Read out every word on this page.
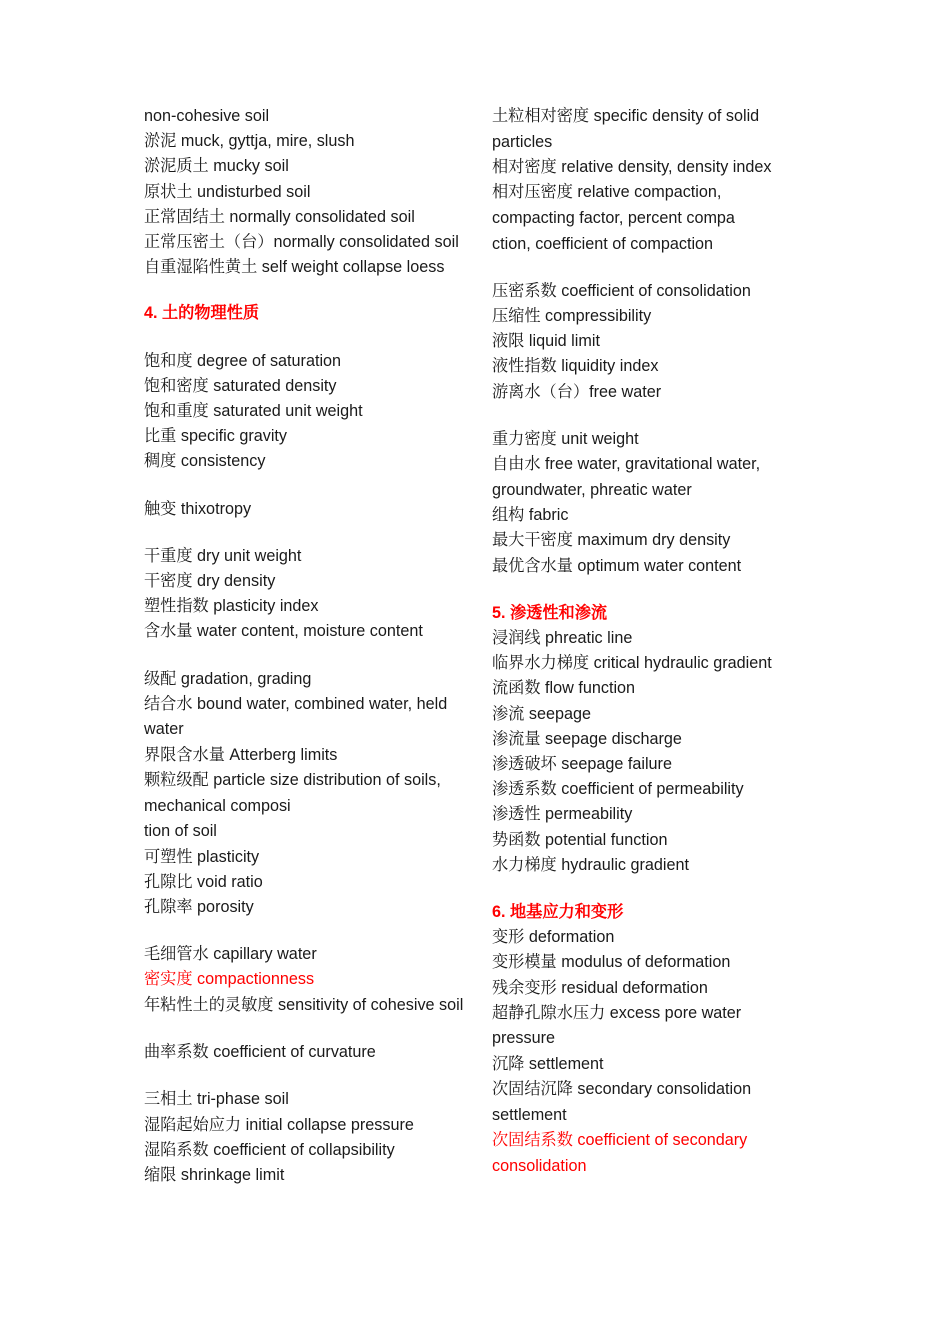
non-cohesive soil
淤泥 muck, gyttja, mire, slush
淤泥质土 mucky soil
原状土 undisturbed soil
正常固结土 normally consolidated soil
正常压密土（台）normally consolidated soil
自重湿陷性黄土 self weight collapse loess
4. 土的物理性质
饱和度 degree of saturation
饱和密度 saturated density
饱和重度 saturated unit weight
比重 specific gravity
稠度 consistency
触变 thixotropy
干重度 dry unit weight
干密度 dry density
塑性指数 plasticity index
含水量 water content, moisture content
级配 gradation, grading
结合水 bound water, combined water, held water
界限含水量 Atterberg limits
颗粒级配 particle size distribution of soils, mechanical composi
tion of soil
可塑性 plasticity
孔隙比 void ratio
孔隙率 porosity
毛细管水 capillary water
密实度 compactionness
年粘性土的灵敏度 sensitivity of cohesive soil
曲率系数 coefficient of curvature
三相土 tri-phase soil
湿陷起始应力 initial collapse pressure
湿陷系数 coefficient of collapsibility
缩限 shrinkage limit
土粒相对密度 specific density of solid particles
相对密度 relative density, density index
相对压密度 relative compaction, compacting factor, percent compa
ction, coefficient of compaction
压密系数 coefficient of consolidation
压缩性 compressibility
液限 liquid limit
液性指数 liquidity index
游离水（台）free water
重力密度 unit weight
自由水 free water, gravitational water, groundwater, phreatic water
组构 fabric
最大干密度 maximum dry density
最优含水量 optimum water content
5. 渗透性和渗流
浸润线 phreatic line
临界水力梯度 critical hydraulic gradient
流函数 flow function
渗流 seepage
渗流量 seepage discharge
渗透破坏 seepage failure
渗透系数 coefficient of permeability
渗透性 permeability
势函数 potential function
水力梯度 hydraulic gradient
6. 地基应力和变形
变形 deformation
变形模量 modulus of deformation
残余变形 residual deformation
超静孔隙水压力 excess pore water pressure
沉降 settlement
次固结沉降 secondary consolidation settlement
次固结系数 coefficient of secondary consolidation
